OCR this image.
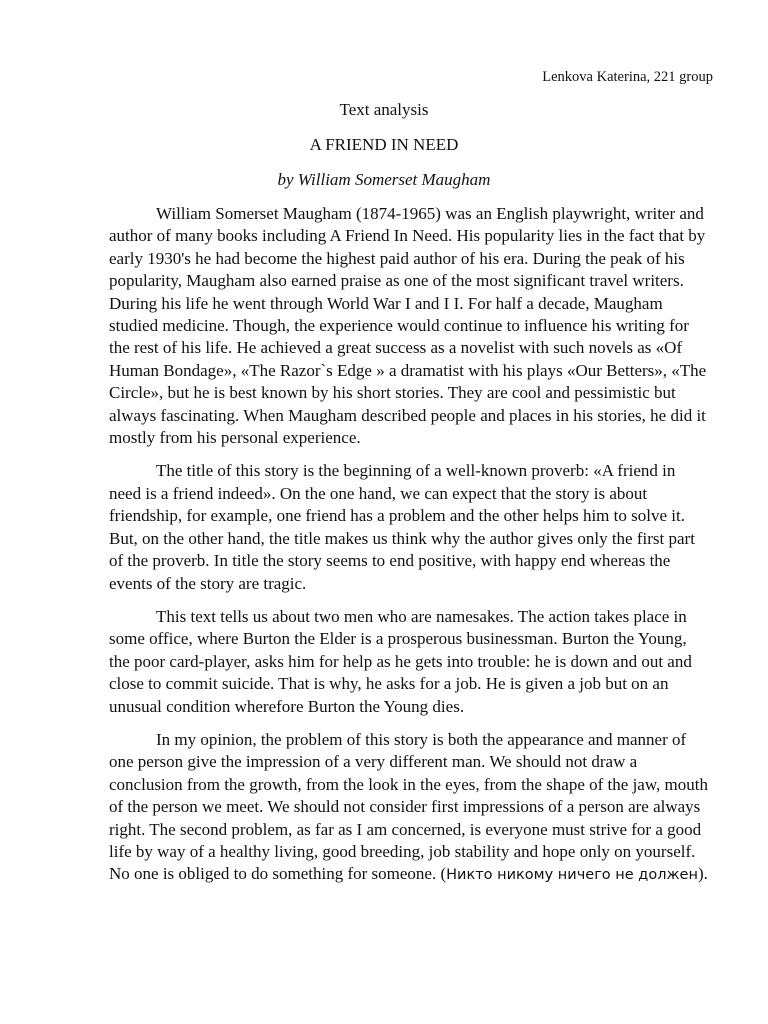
Lenkova Katerina, 221 group
Text analysis
A FRIEND IN NEED
by William Somerset Maugham

William Somerset Maugham (1874-1965) was an English playwright, writer and author of many books including A Friend In Need. His popularity lies in the fact that by early 1930's he had become the highest paid author of his era. During the peak of his popularity, Maugham also earned praise as one of the most significant travel writers. During his life he went through World War I and I I. For half a decade, Maugham studied medicine. Though, the experience would continue to influence his writing for the rest of his life. He achieved a great success as a novelist with such novels as «Of Human Bondage», «The Razor`s Edge » a dramatist with his plays «Our Betters», «The Circle», but he is best known by his short stories. They are cool and pessimistic but always fascinating. When Maugham described people and places in his stories, he did it mostly from his personal experience.

The title of this story is the beginning of a well-known proverb: «A friend in need is a friend indeed». On the one hand, we can expect that the story is about friendship, for example, one friend has a problem and the other helps him to solve it. But, on the other hand, the title makes us think why the author gives only the first part of the proverb. In title the story seems to end positive, with happy end whereas the events of the story are tragic.

This text tells us about two men who are namesakes. The action takes place in some office, where Burton the Elder is a prosperous businessman. Burton the Young, the poor card-player, asks him for help as he gets into trouble: he is down and out and close to commit suicide. That is why, he asks for a job. He is given a job but on an unusual condition wherefore Burton the Young dies.

In my opinion, the problem of this story is both the appearance and manner of one person give the impression of a very different man. We should not draw a conclusion from the growth, from the look in the eyes, from the shape of the jaw, mouth of the person we meet. We should not consider first impressions of a person are always right. The second problem, as far as I am concerned, is everyone must strive for a good life by way of a healthy living, good breeding, job stability and hope only on yourself. No one is obliged to do something for someone. (Никто никому ничего не должен).
